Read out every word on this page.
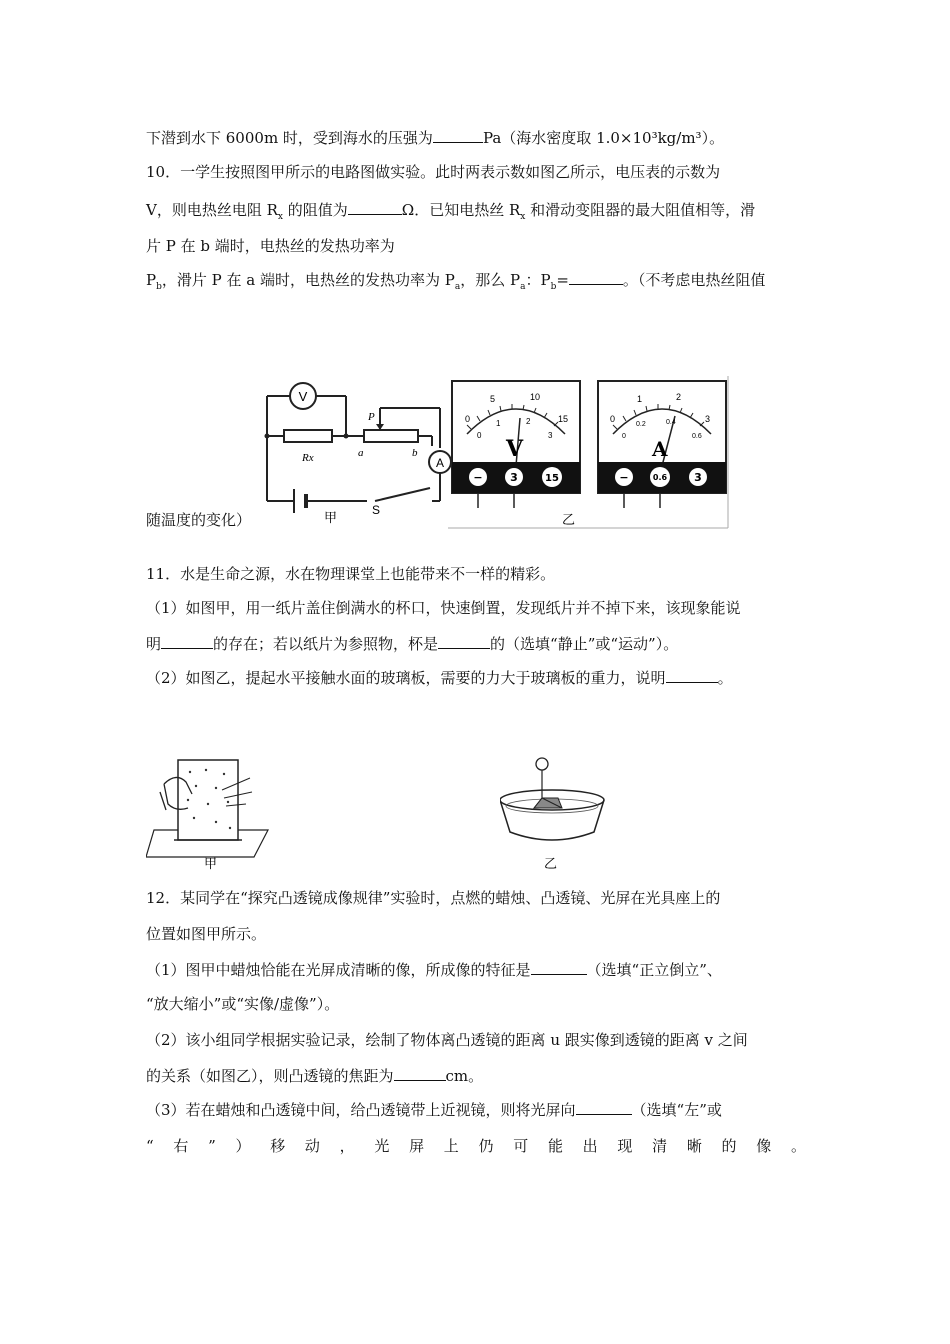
下潜到水下 6000m 时，受到海水的压强为	Pa（海水密度取 1.0×10³kg/m³）。
10．一学生按照图甲所示的电路图做实验。此时两表示数如图乙所示，电压表的示数为
V，则电热丝电阻 $R_x$ 的阻值为	Ω．已知电热丝 $R_x$ 和滑动变阻器的最大阻值相等，滑
片 P 在 b 端时，电热丝的发热功率为
$P_b$，滑片 P 在 a 端时，电热丝的发热功率为 $P_a$，那么 $P_a$：$P_b=$	。（不考虑电热丝阻值
V
A
Rx
P
a	b
S
甲
0
5	10
15
0
1	2
3
V
−	3	15
0
1	2
3
0
0.2	0.4
0.6
A
−	0.6 3
乙
随温度的变化）
11．水是生命之源，水在物理课堂上也能带来不一样的精彩。
（1）如图甲，用一纸片盖住倒满水的杯口，快速倒置，发现纸片并不掉下来，该现象能说
明	的存在；若以纸片为参照物，杯是	的（选填“静止”或“运动”）。
（2）如图乙，提起水平接触水面的玻璃板，需要的力大于玻璃板的重力，说明	。
甲	乙
12．某同学在“探究凸透镜成像规律”实验时，点燃的蜡烛、凸透镜、光屏在光具座上的
位置如图甲所示。
（1）图甲中蜡烛恰能在光屏成清晰的像，所成像的特征是	（选填“正立倒立”、
“放大缩小”或“实像/虚像”）。
（2）该小组同学根据实验记录，绘制了物体离凸透镜的距离 u 跟实像到透镜的距离 v 之间
的关系（如图乙），则凸透镜的焦距为	cm。
（3）若在蜡烛和凸透镜中间，给凸透镜带上近视镜，则将光屏向	（选填“左”或
“ 右 ” ） 移 动 ， 光 屏 上 仍 可 能 出 现 清 晰 的 像 。
